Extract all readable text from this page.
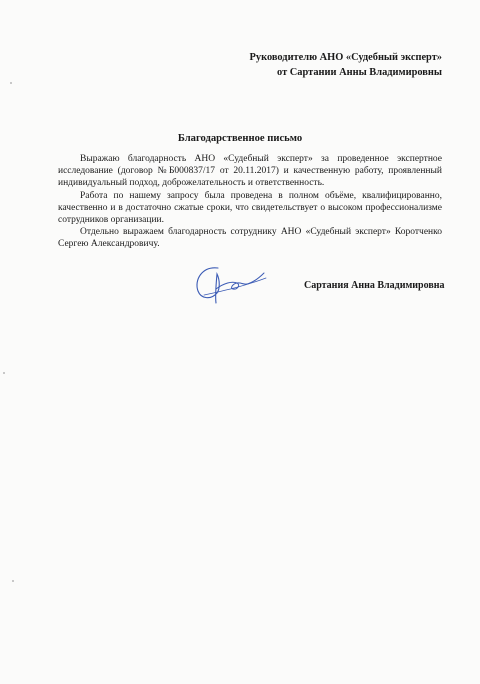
Руководителю АНО «Судебный эксперт»
от Сартании Анны Владимировны
Благодарственное письмо

Выражаю благодарность АНО «Судебный эксперт» за проведенное экспертное исследование (договор №Б000837/17 от 20.11.2017) и качественную работу, проявленный индивидуальный подход, доброжелательность и ответственность.

Работа по нашему запросу была проведена в полном объёме, квалифицированно, качественно и в достаточно сжатые сроки, что свидетельствует о высоком профессионализме сотрудников организации.

Отдельно выражаем благодарность сотруднику АНО «Судебный эксперт» Коротченко Сергею Александровичу.

Сартания Анна Владимировна
